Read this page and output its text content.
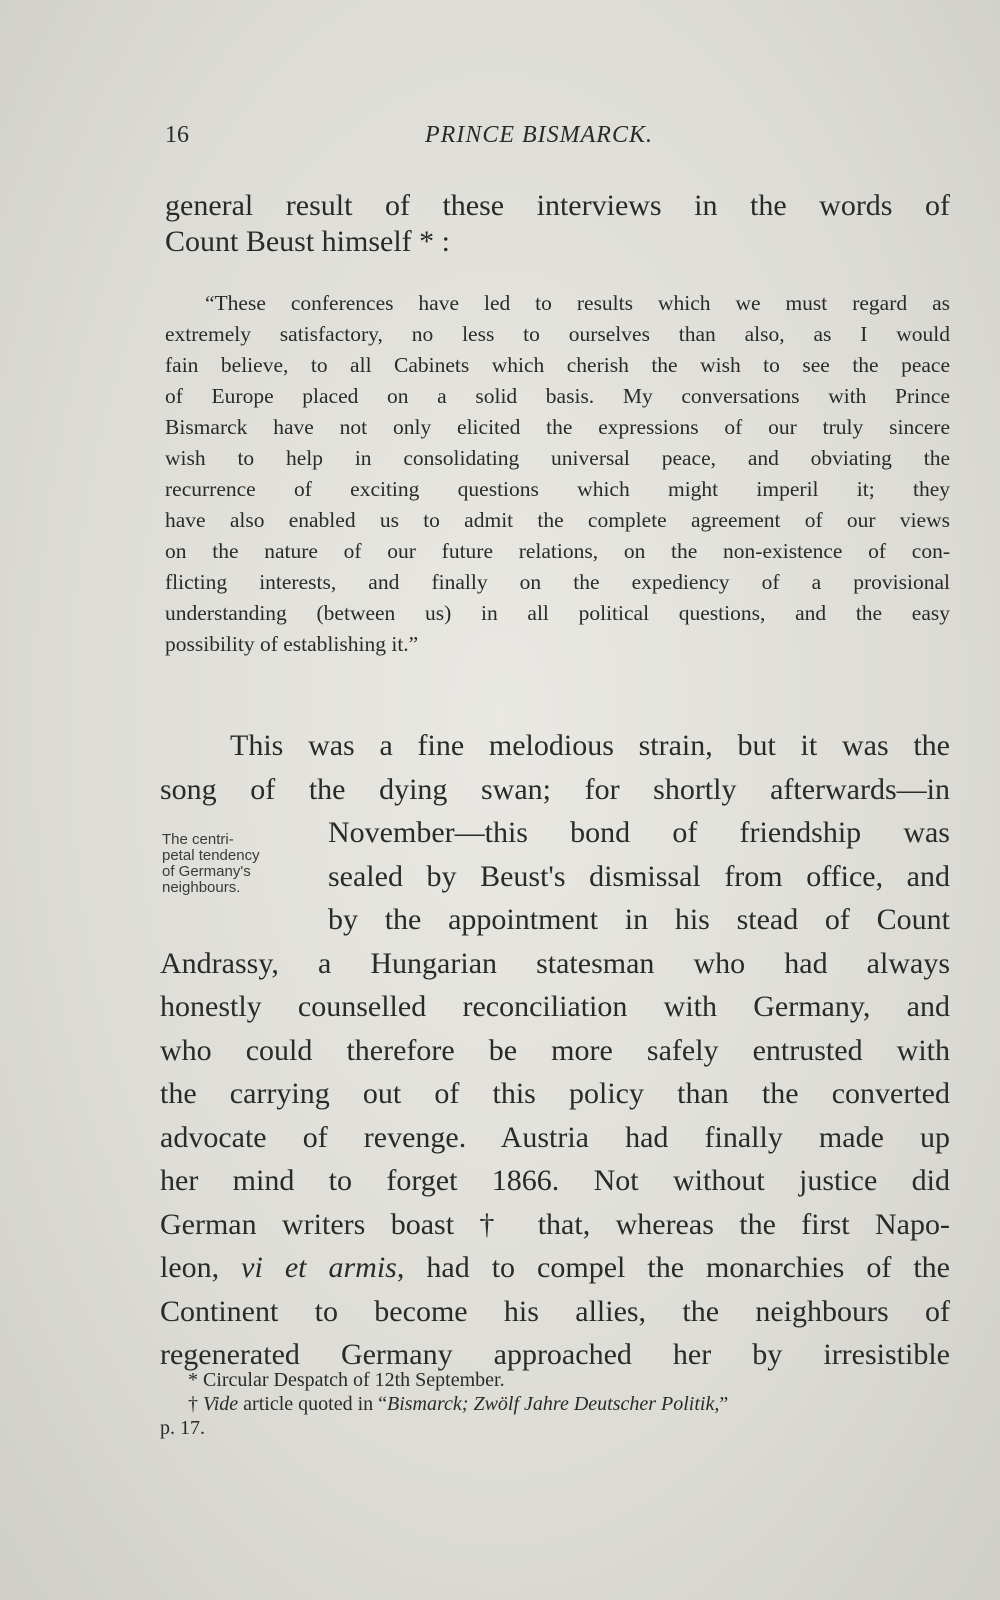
16	PRINCE BISMARCK.
general result of these interviews in the words of
Count Beust himself * :
“These conferences have led to results which we must regard as
extremely satisfactory, no less to ourselves than also, as I would
fain believe, to all Cabinets which cherish the wish to see the peace
of Europe placed on a solid basis. My conversations with Prince
Bismarck have not only elicited the expressions of our truly sincere
wish to help in consolidating universal peace, and obviating the
recurrence of exciting questions which might imperil it; they
have also enabled us to admit the complete agreement of our views
on the nature of our future relations, on the non-existence of con-
flicting interests, and finally on the expediency of a provisional
understanding (between us) in all political questions, and the easy
possibility of establishing it.”
The centri-
petal tendency
of Germany's
neighbours.
This was a fine melodious strain, but it was the
song of the dying swan; for shortly afterwards—in
November—this bond of friendship was
sealed by Beust's dismissal from office, and
by the appointment in his stead of Count
Andrassy, a Hungarian statesman who had always
honestly counselled reconciliation with Germany, and
who could therefore be more safely entrusted with
the carrying out of this policy than the converted
advocate of revenge. Austria had finally made up
her mind to forget 1866. Not without justice did
German writers boast † that, whereas the first Napo-
leon, vi et armis, had to compel the monarchies of the
Continent to become his allies, the neighbours of
regenerated Germany approached her by irresistible
* Circular Despatch of 12th September.
† Vide article quoted in “Bismarck; Zwölf Jahre Deutscher Politik,”
p. 17.
